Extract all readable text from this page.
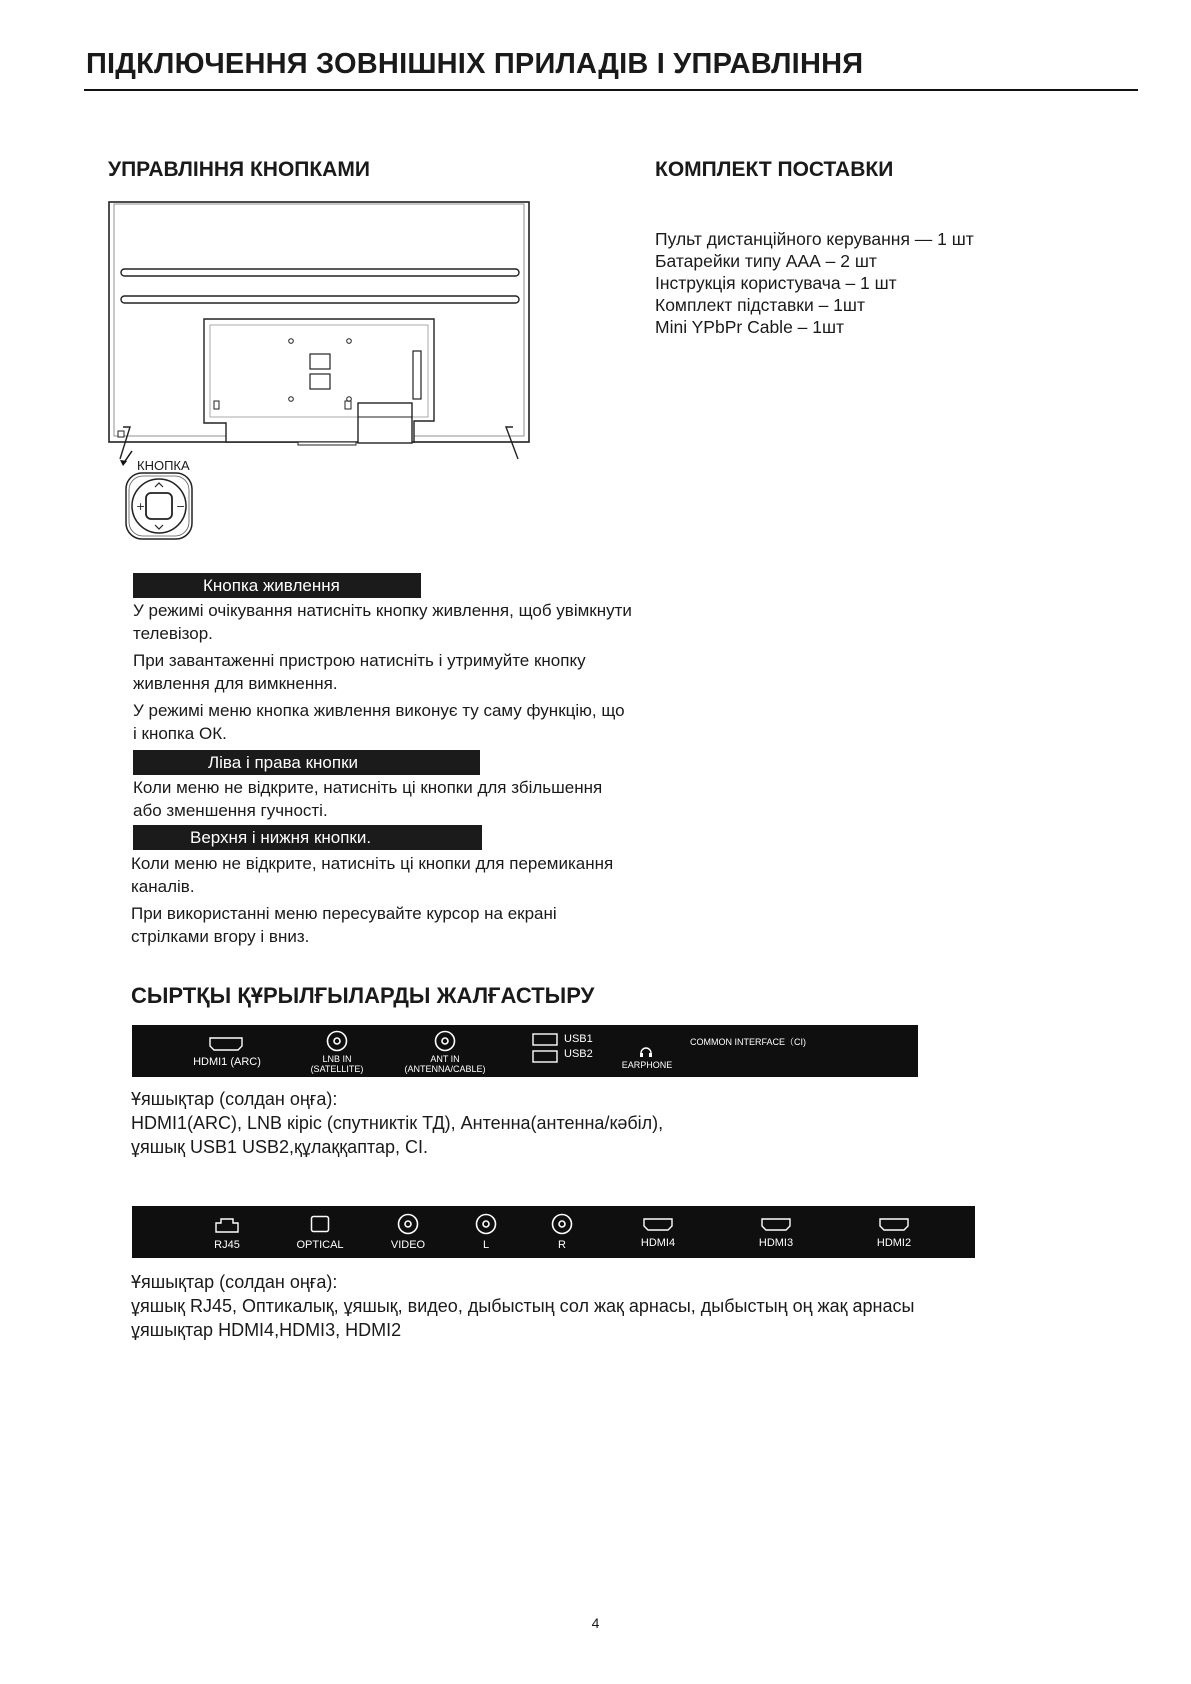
ПІДКЛЮЧЕННЯ ЗОВНІШНІХ ПРИЛАДІВ І УПРАВЛІННЯ
УПРАВЛІННЯ КНОПКАМИ	КОМПЛЕКТ ПОСТАВКИ
Пульт дистанційного керування — 1 шт
Батарейки типу ААА – 2 шт
Інструкція користувача – 1 шт
Комплект підставки – 1шт
Mini YPbPr Cable – 1шт
КНОПКА
+	−
Кнопка живлення

У режимі очікування натисніть кнопку живлення, щоб увімкнути телевізор.

При завантаженні пристрою натисніть і утримуйте кнопку живлення для вимкнення.

У режимі меню кнопка живлення виконує ту саму функцію, що і кнопка ОК.

Ліва і права кнопки

Коли меню не відкрите, натисніть ці кнопки для збільшення або зменшення гучності.

Верхня і нижня кнопки.

Коли меню не відкрите, натисніть ці кнопки для перемикання каналів.

При використанні меню пересувайте курсор на екрані стрілками вгору і вниз.

СЫРТҚЫ ҚҰРЫЛҒЫЛАРДЫ ЖАЛҒАСТЫРУ
HDMI1 (ARC)	LNB IN
(SATELLITE)
ANT IN
(ANTENNA/CABLE)
USB1
USB2
EARPHONE
COMMON INTERFACE（CI)
Ұяшықтар (солдан оңға):
HDMI1(ARC), LNB кіріс (спутниктік ТД), Антенна(антенна/кәбіл),
ұяшық USB1 USB2,құлаққаптар, CI.
RJ45	OPTICAL	VIDEO	L	R	HDMI4	HDMI3	HDMI2
Ұяшықтар (солдан оңға):
ұяшық RJ45, Оптикалық, ұяшық, видео, дыбыстың сол жақ арнасы, дыбыстың оң жақ арнасы
ұяшықтар HDMI4,HDMI3, HDMI2
4
